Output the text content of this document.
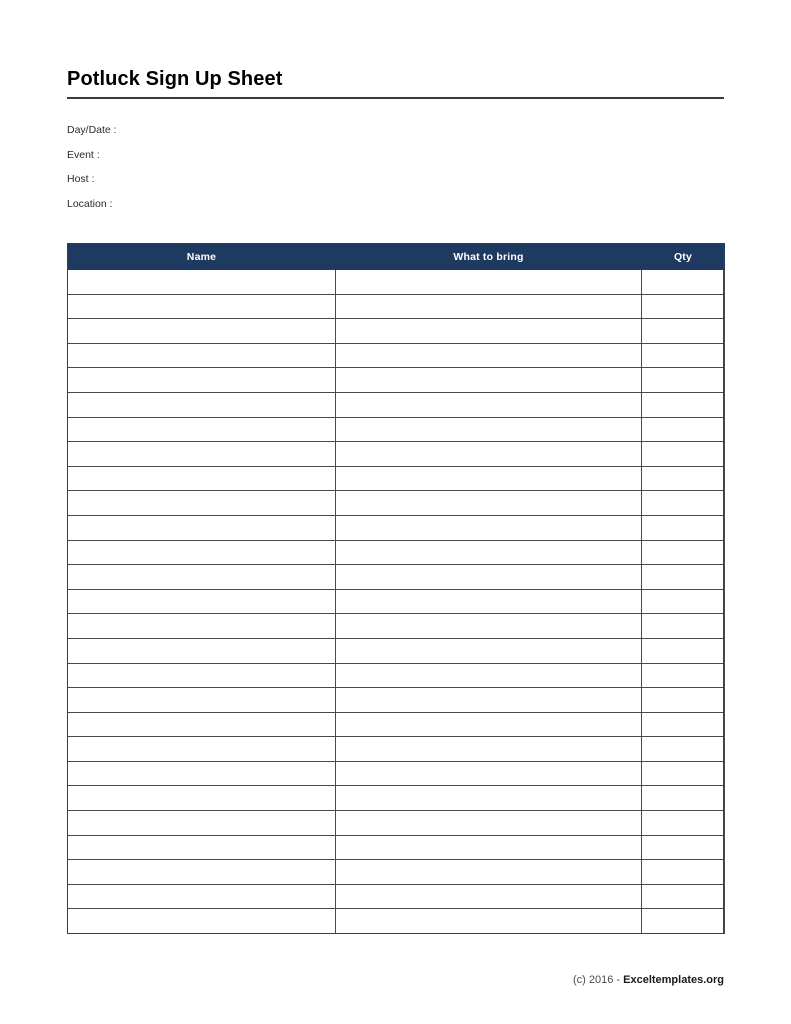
Potluck Sign Up Sheet
Day/Date :
Event :
Host :
Location :
Name	What to bring	Qty

(c) 2016 - Exceltemplates.org
